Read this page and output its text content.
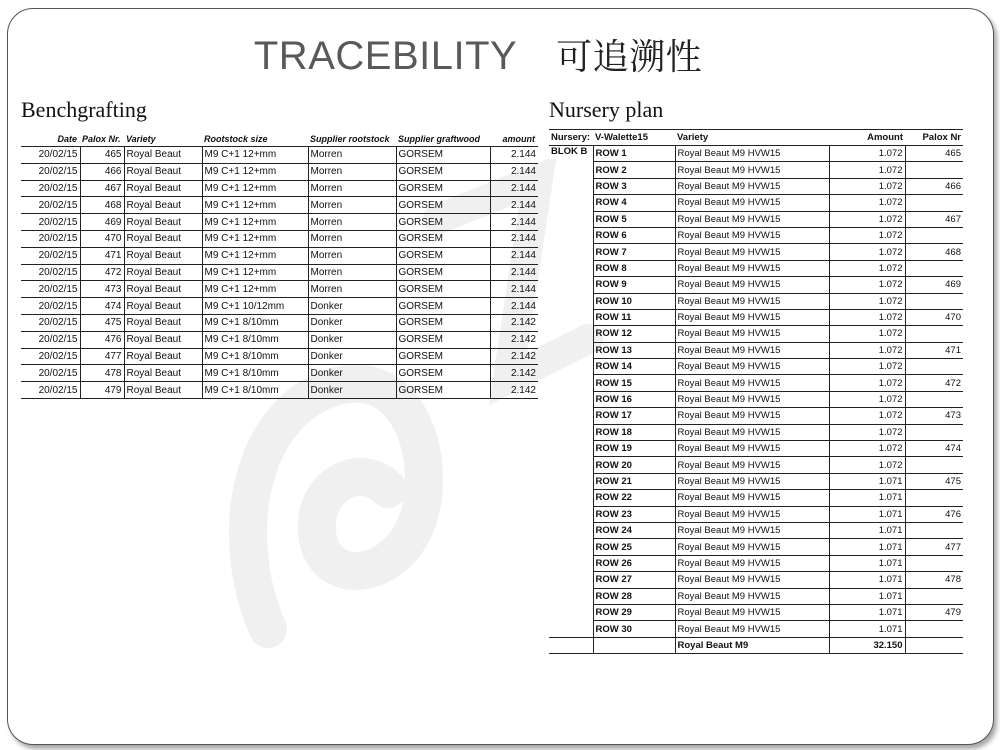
TRACEBILITY 可追溯性
Benchgrafting	Nursery plan
Date	Palox Nr.	Variety	Rootstock size	Supplier rootstock	Supplier graftwood	amount
20/02/15	465	Royal Beaut	M9 C+1 12+mm	Morren	GORSEM	2.144
20/02/15	466	Royal Beaut	M9 C+1 12+mm	Morren	GORSEM	2.144
20/02/15	467	Royal Beaut	M9 C+1 12+mm	Morren	GORSEM	2.144
20/02/15	468	Royal Beaut	M9 C+1 12+mm	Morren	GORSEM	2.144
20/02/15	469	Royal Beaut	M9 C+1 12+mm	Morren	GORSEM	2.144
20/02/15	470	Royal Beaut	M9 C+1 12+mm	Morren	GORSEM	2.144
20/02/15	471	Royal Beaut	M9 C+1 12+mm	Morren	GORSEM	2.144
20/02/15	472	Royal Beaut	M9 C+1 12+mm	Morren	GORSEM	2.144
20/02/15	473	Royal Beaut	M9 C+1 12+mm	Morren	GORSEM	2.144
20/02/15	474	Royal Beaut	M9 C+1 10/12mm	Donker	GORSEM	2.144
20/02/15	475	Royal Beaut	M9 C+1 8/10mm	Donker	GORSEM	2.142
20/02/15	476	Royal Beaut	M9 C+1 8/10mm	Donker	GORSEM	2.142
20/02/15	477	Royal Beaut	M9 C+1 8/10mm	Donker	GORSEM	2.142
20/02/15	478	Royal Beaut	M9 C+1 8/10mm	Donker	GORSEM	2.142
20/02/15	479	Royal Beaut	M9 C+1 8/10mm	Donker	GORSEM	2.142
Nursery:	V-Walette15	Variety	Amount	Palox Nr
BLOK B	ROW 1	Royal Beaut M9 HVW15	1.072	465
	ROW 2	Royal Beaut M9 HVW15	1.072	
	ROW 3	Royal Beaut M9 HVW15	1.072	466
	ROW 4	Royal Beaut M9 HVW15	1.072	
	ROW 5	Royal Beaut M9 HVW15	1.072	467
	ROW 6	Royal Beaut M9 HVW15	1.072	
	ROW 7	Royal Beaut M9 HVW15	1.072	468
	ROW 8	Royal Beaut M9 HVW15	1.072	
	ROW 9	Royal Beaut M9 HVW15	1.072	469
	ROW 10	Royal Beaut M9 HVW15	1.072	
	ROW 11	Royal Beaut M9 HVW15	1.072	470
	ROW 12	Royal Beaut M9 HVW15	1.072	
	ROW 13	Royal Beaut M9 HVW15	1.072	471
	ROW 14	Royal Beaut M9 HVW15	1.072	
	ROW 15	Royal Beaut M9 HVW15	1.072	472
	ROW 16	Royal Beaut M9 HVW15	1.072	
	ROW 17	Royal Beaut M9 HVW15	1.072	473
	ROW 18	Royal Beaut M9 HVW15	1.072	
	ROW 19	Royal Beaut M9 HVW15	1.072	474
	ROW 20	Royal Beaut M9 HVW15	1.072	
	ROW 21	Royal Beaut M9 HVW15	1.071	475
	ROW 22	Royal Beaut M9 HVW15	1.071	
	ROW 23	Royal Beaut M9 HVW15	1.071	476
	ROW 24	Royal Beaut M9 HVW15	1.071	
	ROW 25	Royal Beaut M9 HVW15	1.071	477
	ROW 26	Royal Beaut M9 HVW15	1.071	
	ROW 27	Royal Beaut M9 HVW15	1.071	478
	ROW 28	Royal Beaut M9 HVW15	1.071	
	ROW 29	Royal Beaut M9 HVW15	1.071	479
	ROW 30	Royal Beaut M9 HVW15	1.071	
		Royal Beaut M9	32.150	
